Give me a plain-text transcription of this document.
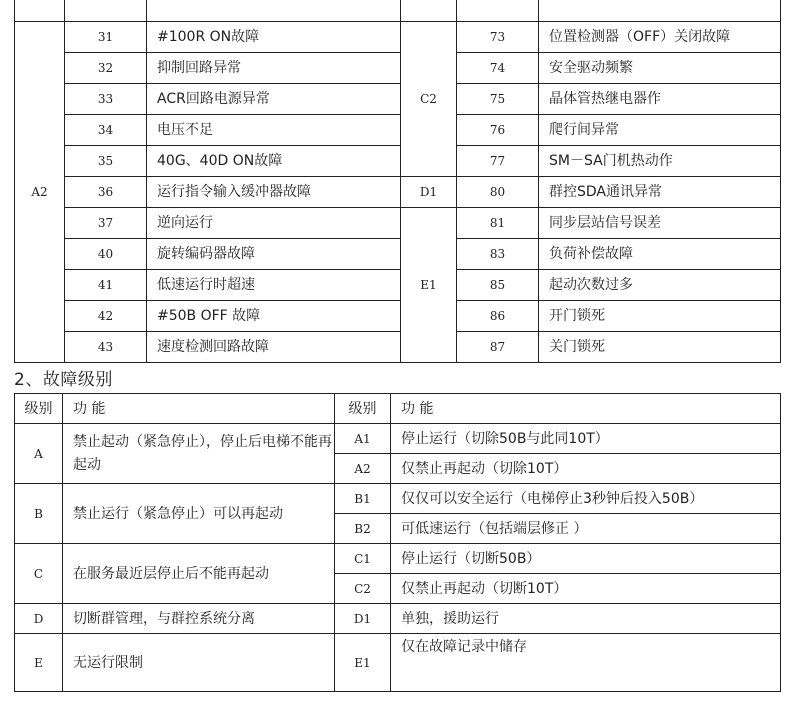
A2	31	#100R ON故障	C2	73	位置检测器（OFF）关闭故障
	32	抑制回路异常		74	安全驱动频繁
	33	ACR回路电源异常		75	晶体管热继电器作
	34	电压不足		76	爬行间异常
	35	40G、40D ON故障		77	SM－SA门机热动作
	36	运行指令输入缓冲器故障	D1	80	群控SDA通讯异常
	37	逆向运行	E1	81	同步层站信号误差
	40	旋转编码器故障		83	负荷补偿故障
	41	低速运行时超速		85	起动次数过多
	42	#50B OFF 故障		86	开门锁死
	43	速度检测回路故障		87	关门锁死
2、故障级别
级别	功 能	级别	功 能
A	禁止起动（紧急停止），停止后电梯不能再起动	A1	停止运行（切除50B与此同10T）
		A2	仅禁止再起动（切除10T）
B	禁止运行（紧急停止）可以再起动	B1	仅仅可以安全运行（电梯停止3秒钟后投入50B）
		B2	可低速运行（包括端层修正 ）
C	在服务最近层停止后不能再起动	C1	停止运行（切断50B）
		C2	仅禁止再起动（切断10T）
D	切断群管理，与群控系统分离	D1	单独，援助运行
E	无运行限制	E1	仅在故障记录中储存
